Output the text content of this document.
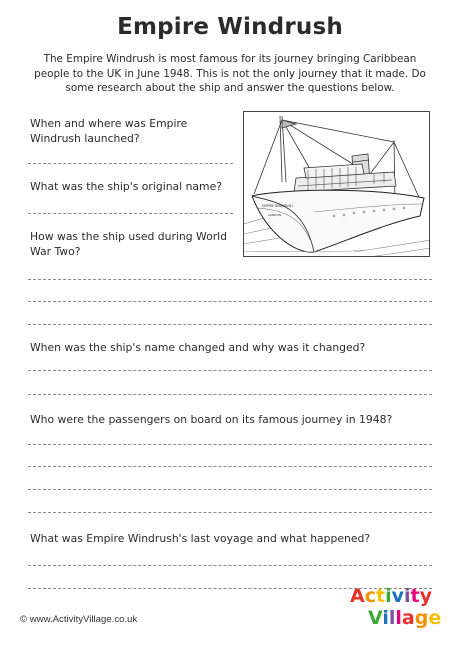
Empire Windrush
The Empire Windrush is most famous for its journey bringing Caribbean people to the UK in June 1948. This is not the only journey that it made. Do some research about the ship and answer the questions below.
When and where was Empire Windrush launched?
What was the ship's original name?
How was the ship used during World War Two?
When was the ship's name changed and why was it changed?
Who were the passengers on board on its famous journey in 1948?
What was Empire Windrush's last voyage and what happened?
EMPIRE WINDRUSH
LONDON
© www.ActivityVillage.co.uk
Activity
Village
